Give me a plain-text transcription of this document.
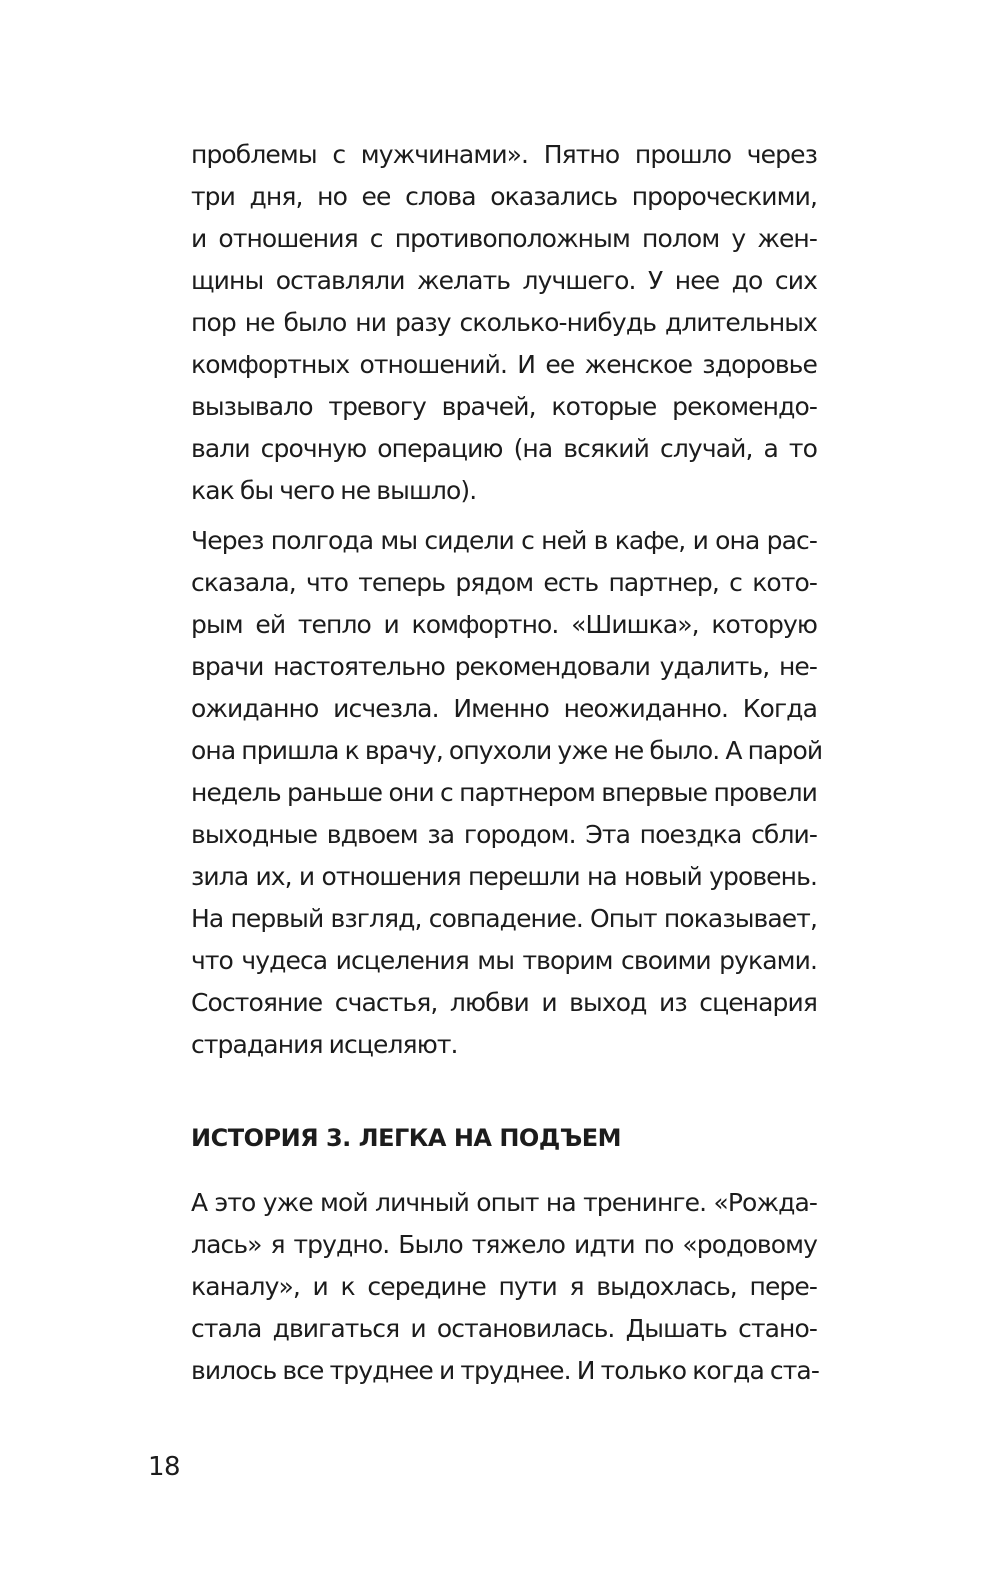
проблемы с мужчинами». Пятно прошло через
три дня, но ее слова оказались пророческими,
и отношения с противоположным полом у жен-
щины оставляли желать лучшего. У нее до сих
пор не было ни разу сколько-нибудь длительных
комфортных отношений. И ее женское здоровье
вызывало тревогу врачей, которые рекомендо-
вали срочную операцию (на всякий случай, а то
как бы чего не вышло).
Через полгода мы сидели с ней в кафе, и она рас-
сказала, что теперь рядом есть партнер, с кото-
рым ей тепло и комфортно. «Шишка», которую
врачи настоятельно рекомендовали удалить, не-
ожиданно исчезла. Именно неожиданно. Когда
она пришла к врачу, опухоли уже не было. А парой
недель раньше они с партнером впервые провели
выходные вдвоем за городом. Эта поездка сбли-
зила их, и отношения перешли на новый уровень.
На первый взгляд, совпадение. Опыт показывает,
что чудеса исцеления мы творим своими руками.
Состояние счастья, любви и выход из сценария
страдания исцеляют.
ИСТОРИЯ 3. ЛЕГКА НА ПОДЪЕМ
А это уже мой личный опыт на тренинге. «Рожда-
лась» я трудно. Было тяжело идти по «родовому
каналу», и к середине пути я выдохлась, пере-
стала двигаться и остановилась. Дышать стано-
вилось все труднее и труднее. И только когда ста-
18
